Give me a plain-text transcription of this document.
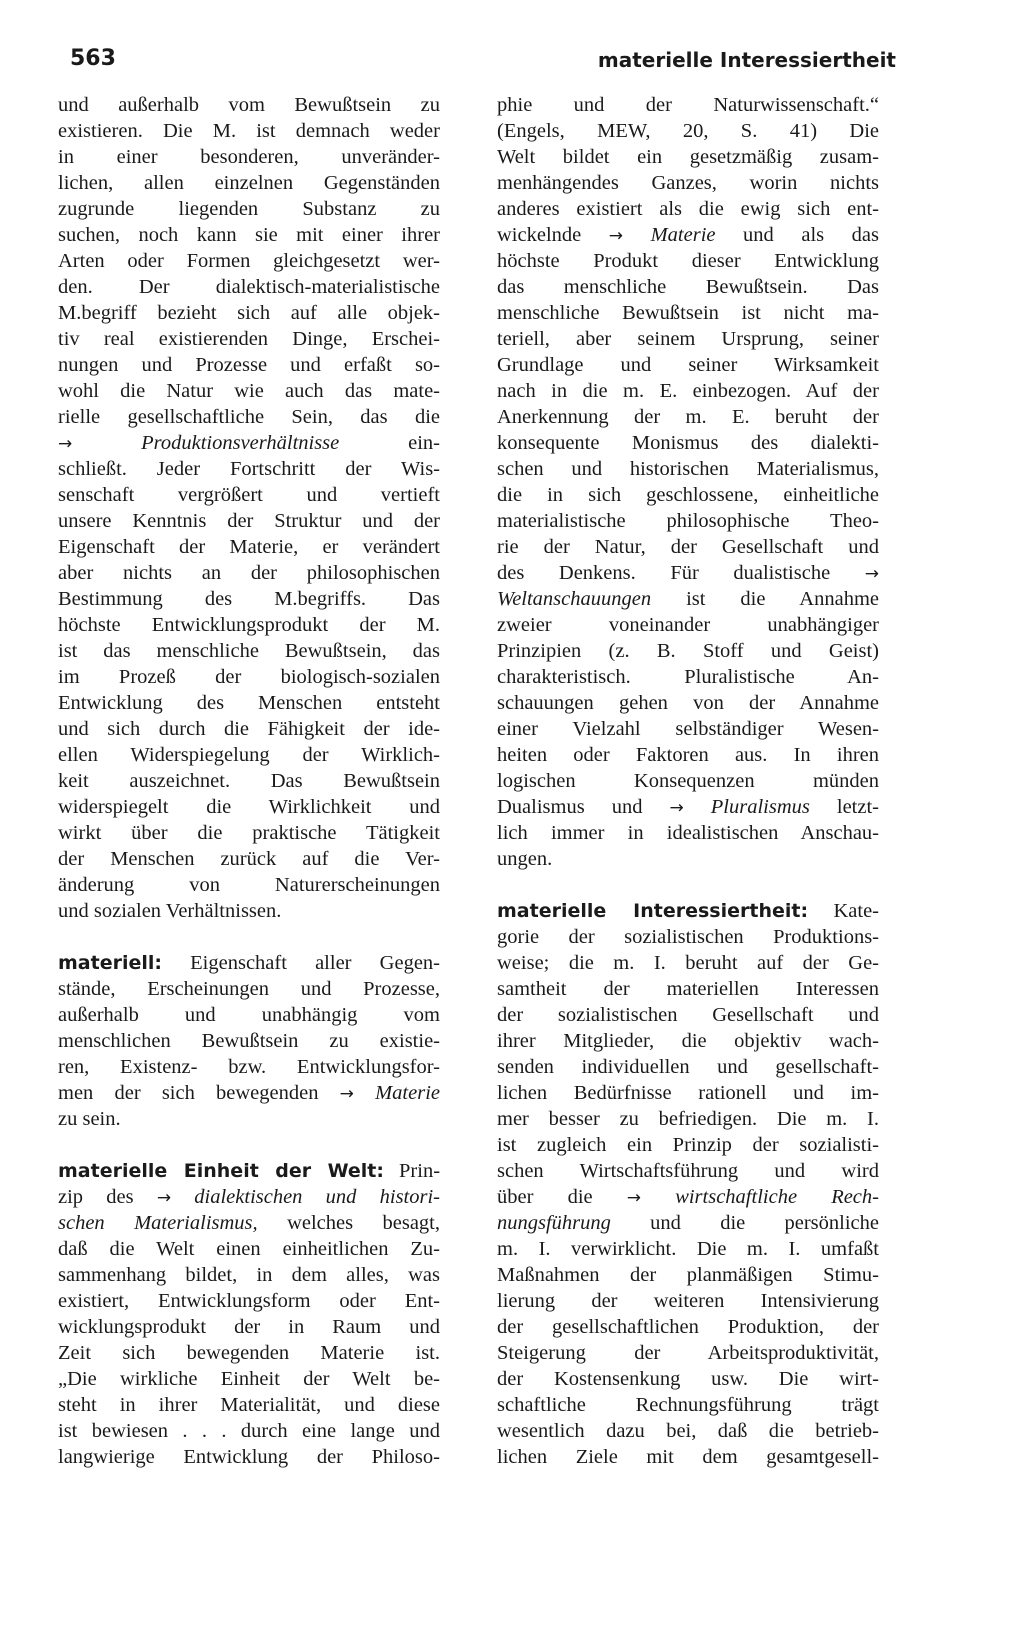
563	materielle Interessiertheit
und außerhalb vom Bewußtsein zu
existieren. Die M. ist demnach weder
in einer besonderen, unveränder-
lichen, allen einzelnen Gegenständen
zugrunde liegenden Substanz zu
suchen, noch kann sie mit einer ihrer
Arten oder Formen gleichgesetzt wer-
den. Der dialektisch-materialistische
M.begriff bezieht sich auf alle objek-
tiv real existierenden Dinge, Erschei-
nungen und Prozesse und erfaßt so-
wohl die Natur wie auch das mate-
rielle gesellschaftliche Sein, das die
→	Produktionsverhältnisse	ein-
schließt. Jeder Fortschritt der Wis-
senschaft vergrößert und vertieft
unsere Kenntnis der Struktur und der
Eigenschaft der Materie, er verändert
aber nichts an der philosophischen
Bestimmung des M.begriffs. Das
höchste Entwicklungsprodukt der M.
ist das menschliche Bewußtsein, das
im Prozeß der biologisch-sozialen
Entwicklung des Menschen entsteht
und sich durch die Fähigkeit der ide-
ellen Widerspiegelung der Wirklich-
keit auszeichnet. Das Bewußtsein
widerspiegelt die Wirklichkeit und
wirkt über die praktische Tätigkeit
der Menschen zurück auf die Ver-
änderung von Naturerscheinungen
und sozialen Verhältnissen.
materiell: Eigenschaft aller Gegen-
stände, Erscheinungen und Prozesse,
außerhalb und unabhängig vom
menschlichen Bewußtsein zu existie-
ren, Existenz- bzw. Entwicklungsfor-
men der sich bewegenden → Materie
zu sein.
materielle Einheit der Welt: Prin-
zip des → dialektischen und histori-
schen Materialismus, welches besagt,
daß die Welt einen einheitlichen Zu-
sammenhang bildet, in dem alles, was
existiert, Entwicklungsform oder Ent-
wicklungsprodukt der in Raum und
Zeit sich bewegenden Materie ist.
„Die wirkliche Einheit der Welt be-
steht in ihrer Materialität, und diese
ist bewiesen . . . durch eine lange und
langwierige Entwicklung der Philoso-
phie und der Naturwissenschaft.“
(Engels, MEW, 20, S. 41) Die
Welt bildet ein gesetzmäßig zusam-
menhängendes Ganzes, worin nichts
anderes existiert als die ewig sich ent-
wickelnde → Materie und als das
höchste Produkt dieser Entwicklung
das menschliche Bewußtsein. Das
menschliche Bewußtsein ist nicht ma-
teriell, aber seinem Ursprung, seiner
Grundlage und seiner Wirksamkeit
nach in die m. E. einbezogen. Auf der
Anerkennung der m. E. beruht der
konsequente Monismus des dialekti-
schen und historischen Materialismus,
die in sich geschlossene, einheitliche
materialistische philosophische Theo-
rie der Natur, der Gesellschaft und
des Denkens. Für dualistische →
Weltanschauungen ist die Annahme
zweier voneinander unabhängiger
Prinzipien (z. B. Stoff und Geist)
charakteristisch. Pluralistische An-
schauungen gehen von der Annahme
einer Vielzahl selbständiger Wesen-
heiten oder Faktoren aus. In ihren
logischen Konsequenzen münden
Dualismus und → Pluralismus letzt-
lich immer in idealistischen Anschau-
ungen.
materielle Interessiertheit: Kate-
gorie der sozialistischen Produktions-
weise; die m. I. beruht auf der Ge-
samtheit der materiellen Interessen
der sozialistischen Gesellschaft und
ihrer Mitglieder, die objektiv wach-
senden individuellen und gesellschaft-
lichen Bedürfnisse rationell und im-
mer besser zu befriedigen. Die m. I.
ist zugleich ein Prinzip der sozialisti-
schen Wirtschaftsführung und wird
über die → wirtschaftliche Rech-
nungsführung und die persönliche
m. I. verwirklicht. Die m. I. umfaßt
Maßnahmen der planmäßigen Stimu-
lierung der weiteren Intensivierung
der gesellschaftlichen Produktion, der
Steigerung der Arbeitsproduktivität,
der Kostensenkung usw. Die wirt-
schaftliche Rechnungsführung trägt
wesentlich dazu bei, daß die betrieb-
lichen Ziele mit dem gesamtgesell-
